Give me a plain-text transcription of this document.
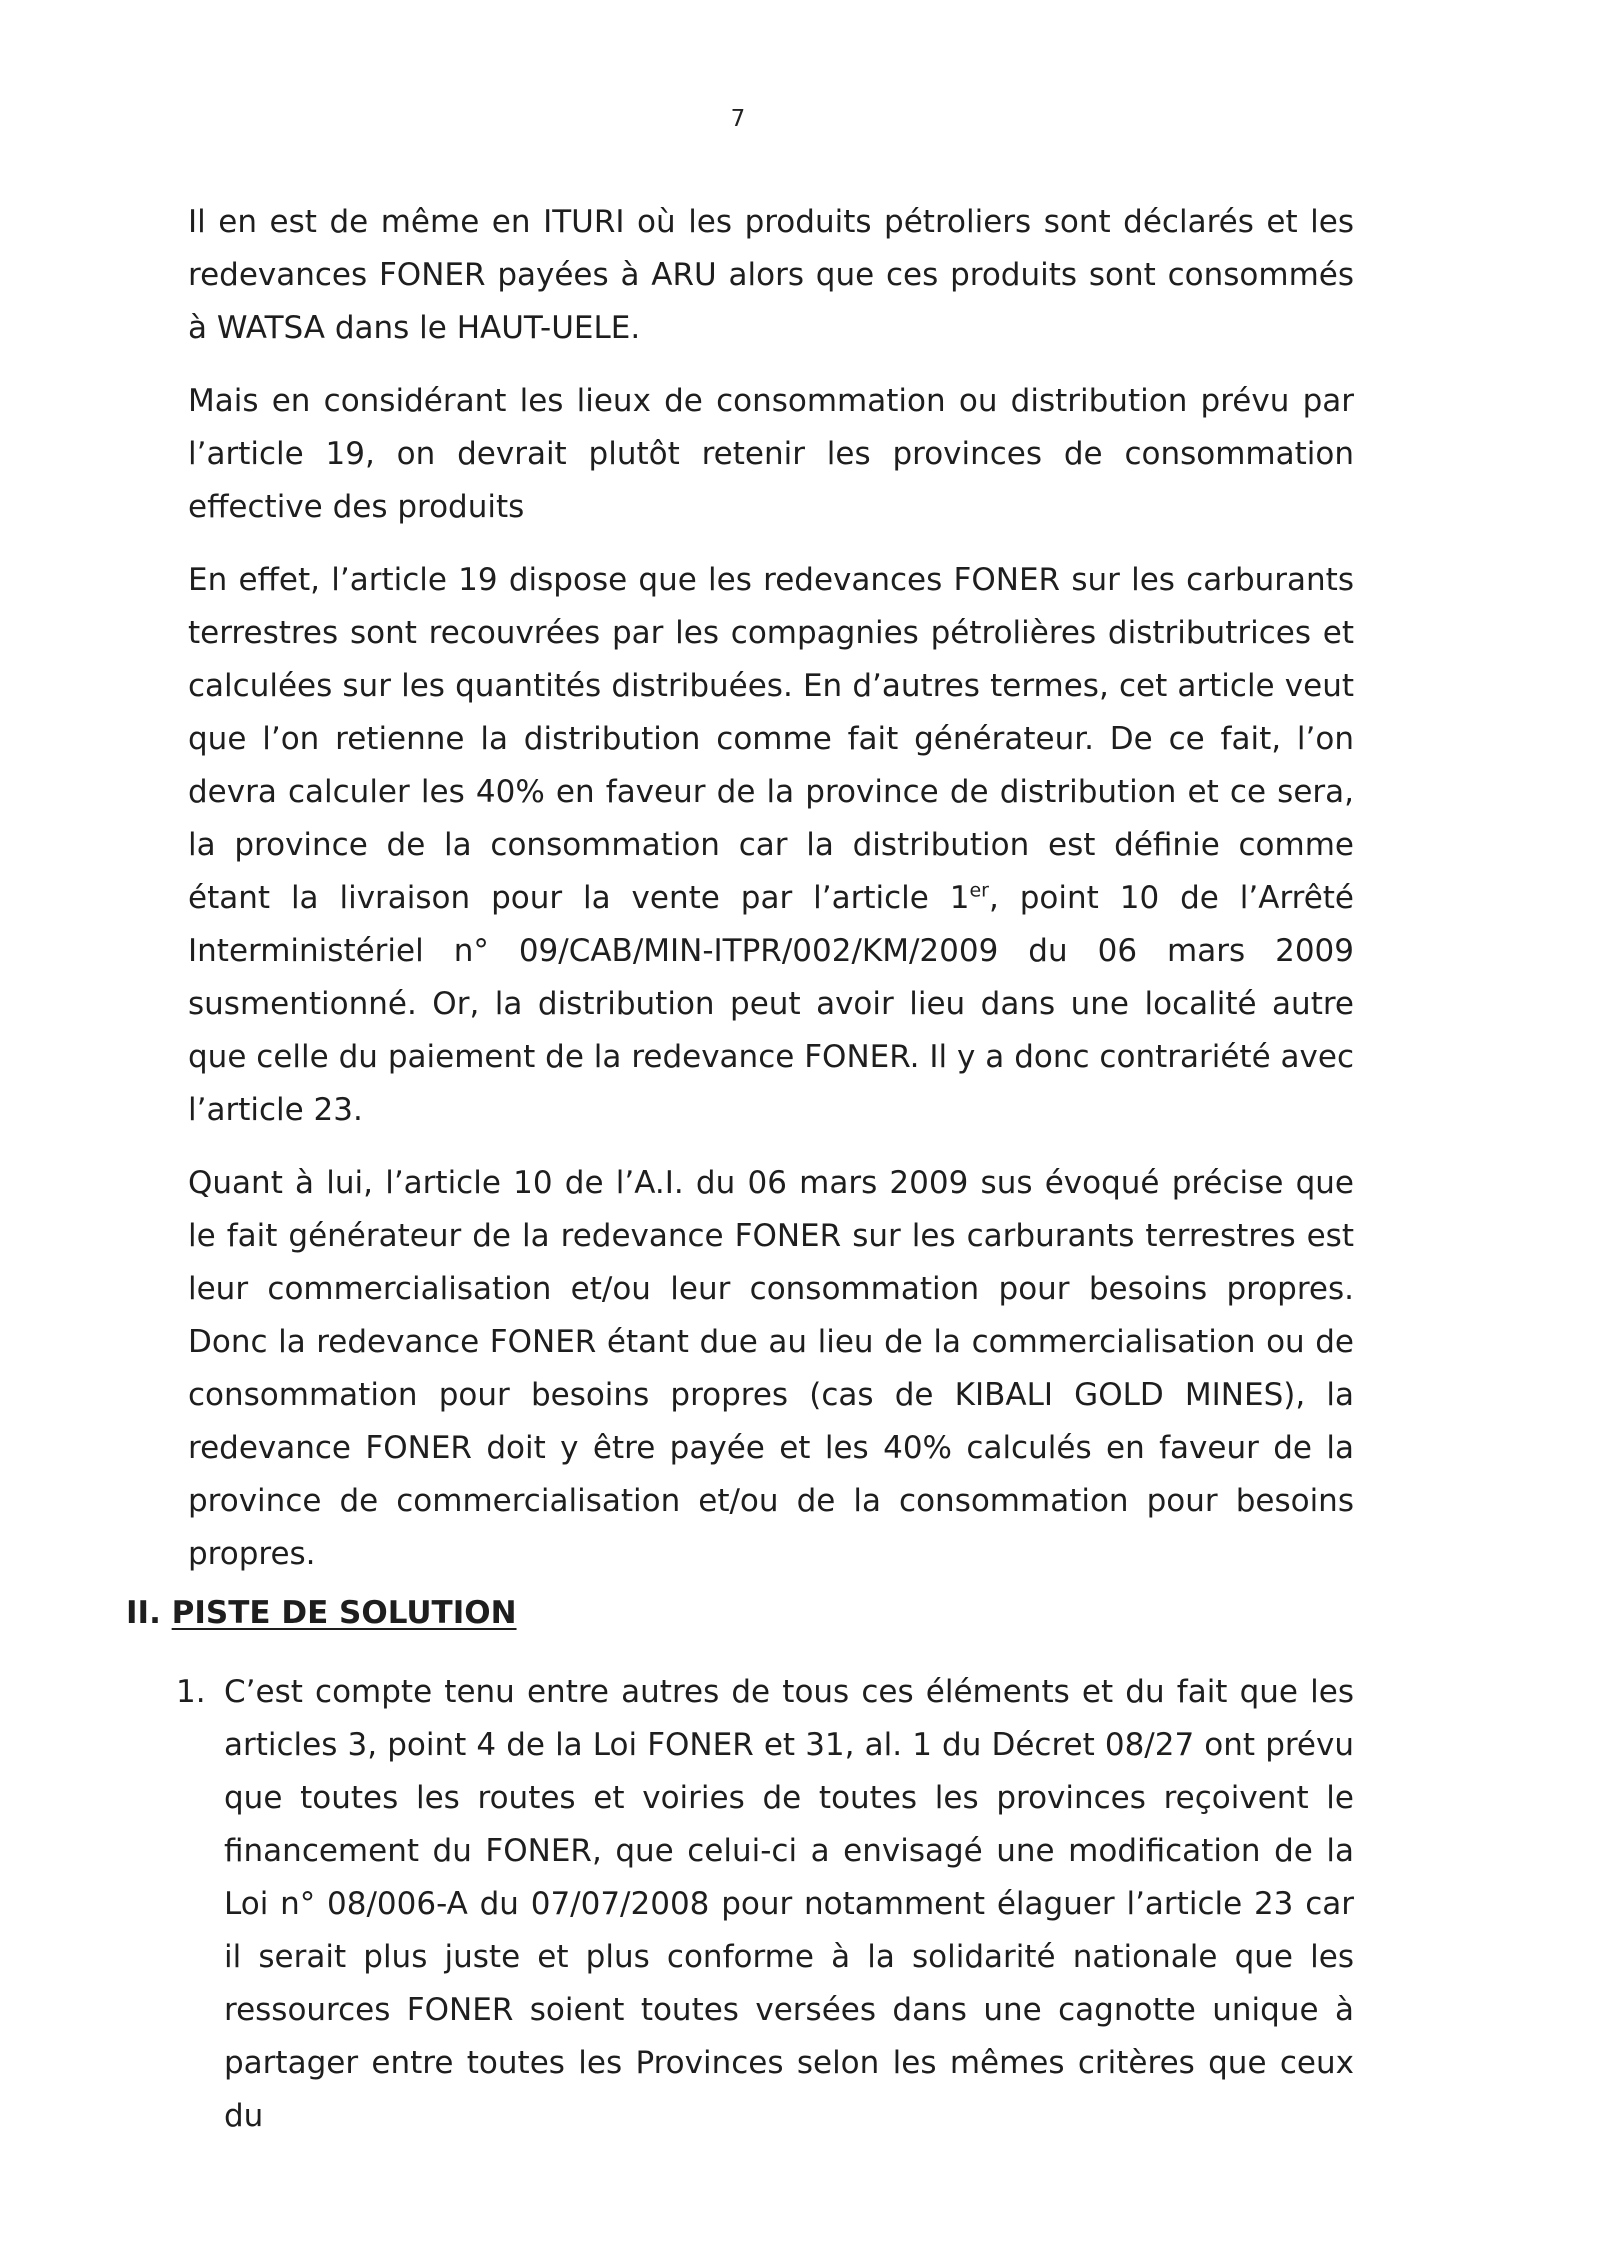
7

Il en est de même en ITURI où les produits pétroliers sont déclarés et les redevances FONER payées à ARU alors que ces produits sont consommés à WATSA dans le HAUT-UELE.

Mais en considérant les lieux de consommation ou distribution prévu par l’article 19, on devrait plutôt retenir les provinces de consommation effective des produits

En effet, l’article 19 dispose que les redevances FONER sur les carburants terrestres sont recouvrées par les compagnies pétrolières distributrices et calculées sur les quantités distribuées. En d’autres termes, cet article veut que l’on retienne la distribution comme fait générateur. De ce fait, l’on devra calculer les 40% en faveur de la province de distribution et ce sera, la province de la consommation car la distribution est définie comme étant la livraison pour la vente par l’article 1er, point 10 de l’Arrêté Interministériel n° 09/CAB/MIN-ITPR/002/KM/2009 du 06 mars 2009 susmentionné. Or, la distribution peut avoir lieu dans une localité autre que celle du paiement de la redevance FONER. Il y a donc contrariété avec l’article 23.

Quant à lui, l’article 10 de l’A.I. du 06 mars 2009 sus évoqué précise que le fait générateur de la redevance FONER sur les carburants terrestres est leur commercialisation et/ou leur consommation pour besoins propres. Donc la redevance FONER étant due au lieu de la commercialisation ou de consommation pour besoins propres (cas de KIBALI GOLD MINES), la redevance FONER doit y être payée et les 40% calculés en faveur de la province de commercialisation et/ou de la consommation pour besoins propres.

II. PISTE DE SOLUTION

1. C’est compte tenu entre autres de tous ces éléments et du fait que les articles 3, point 4 de la Loi FONER et 31, al. 1 du Décret 08/27 ont prévu que toutes les routes et voiries de toutes les provinces reçoivent le financement du FONER, que celui-ci a envisagé une modification de la Loi n° 08/006-A du 07/07/2008 pour notamment élaguer l’article 23 car il serait plus juste et plus conforme à la solidarité nationale que les ressources FONER soient toutes versées dans une cagnotte unique à partager entre toutes les Provinces selon les mêmes critères que ceux du
